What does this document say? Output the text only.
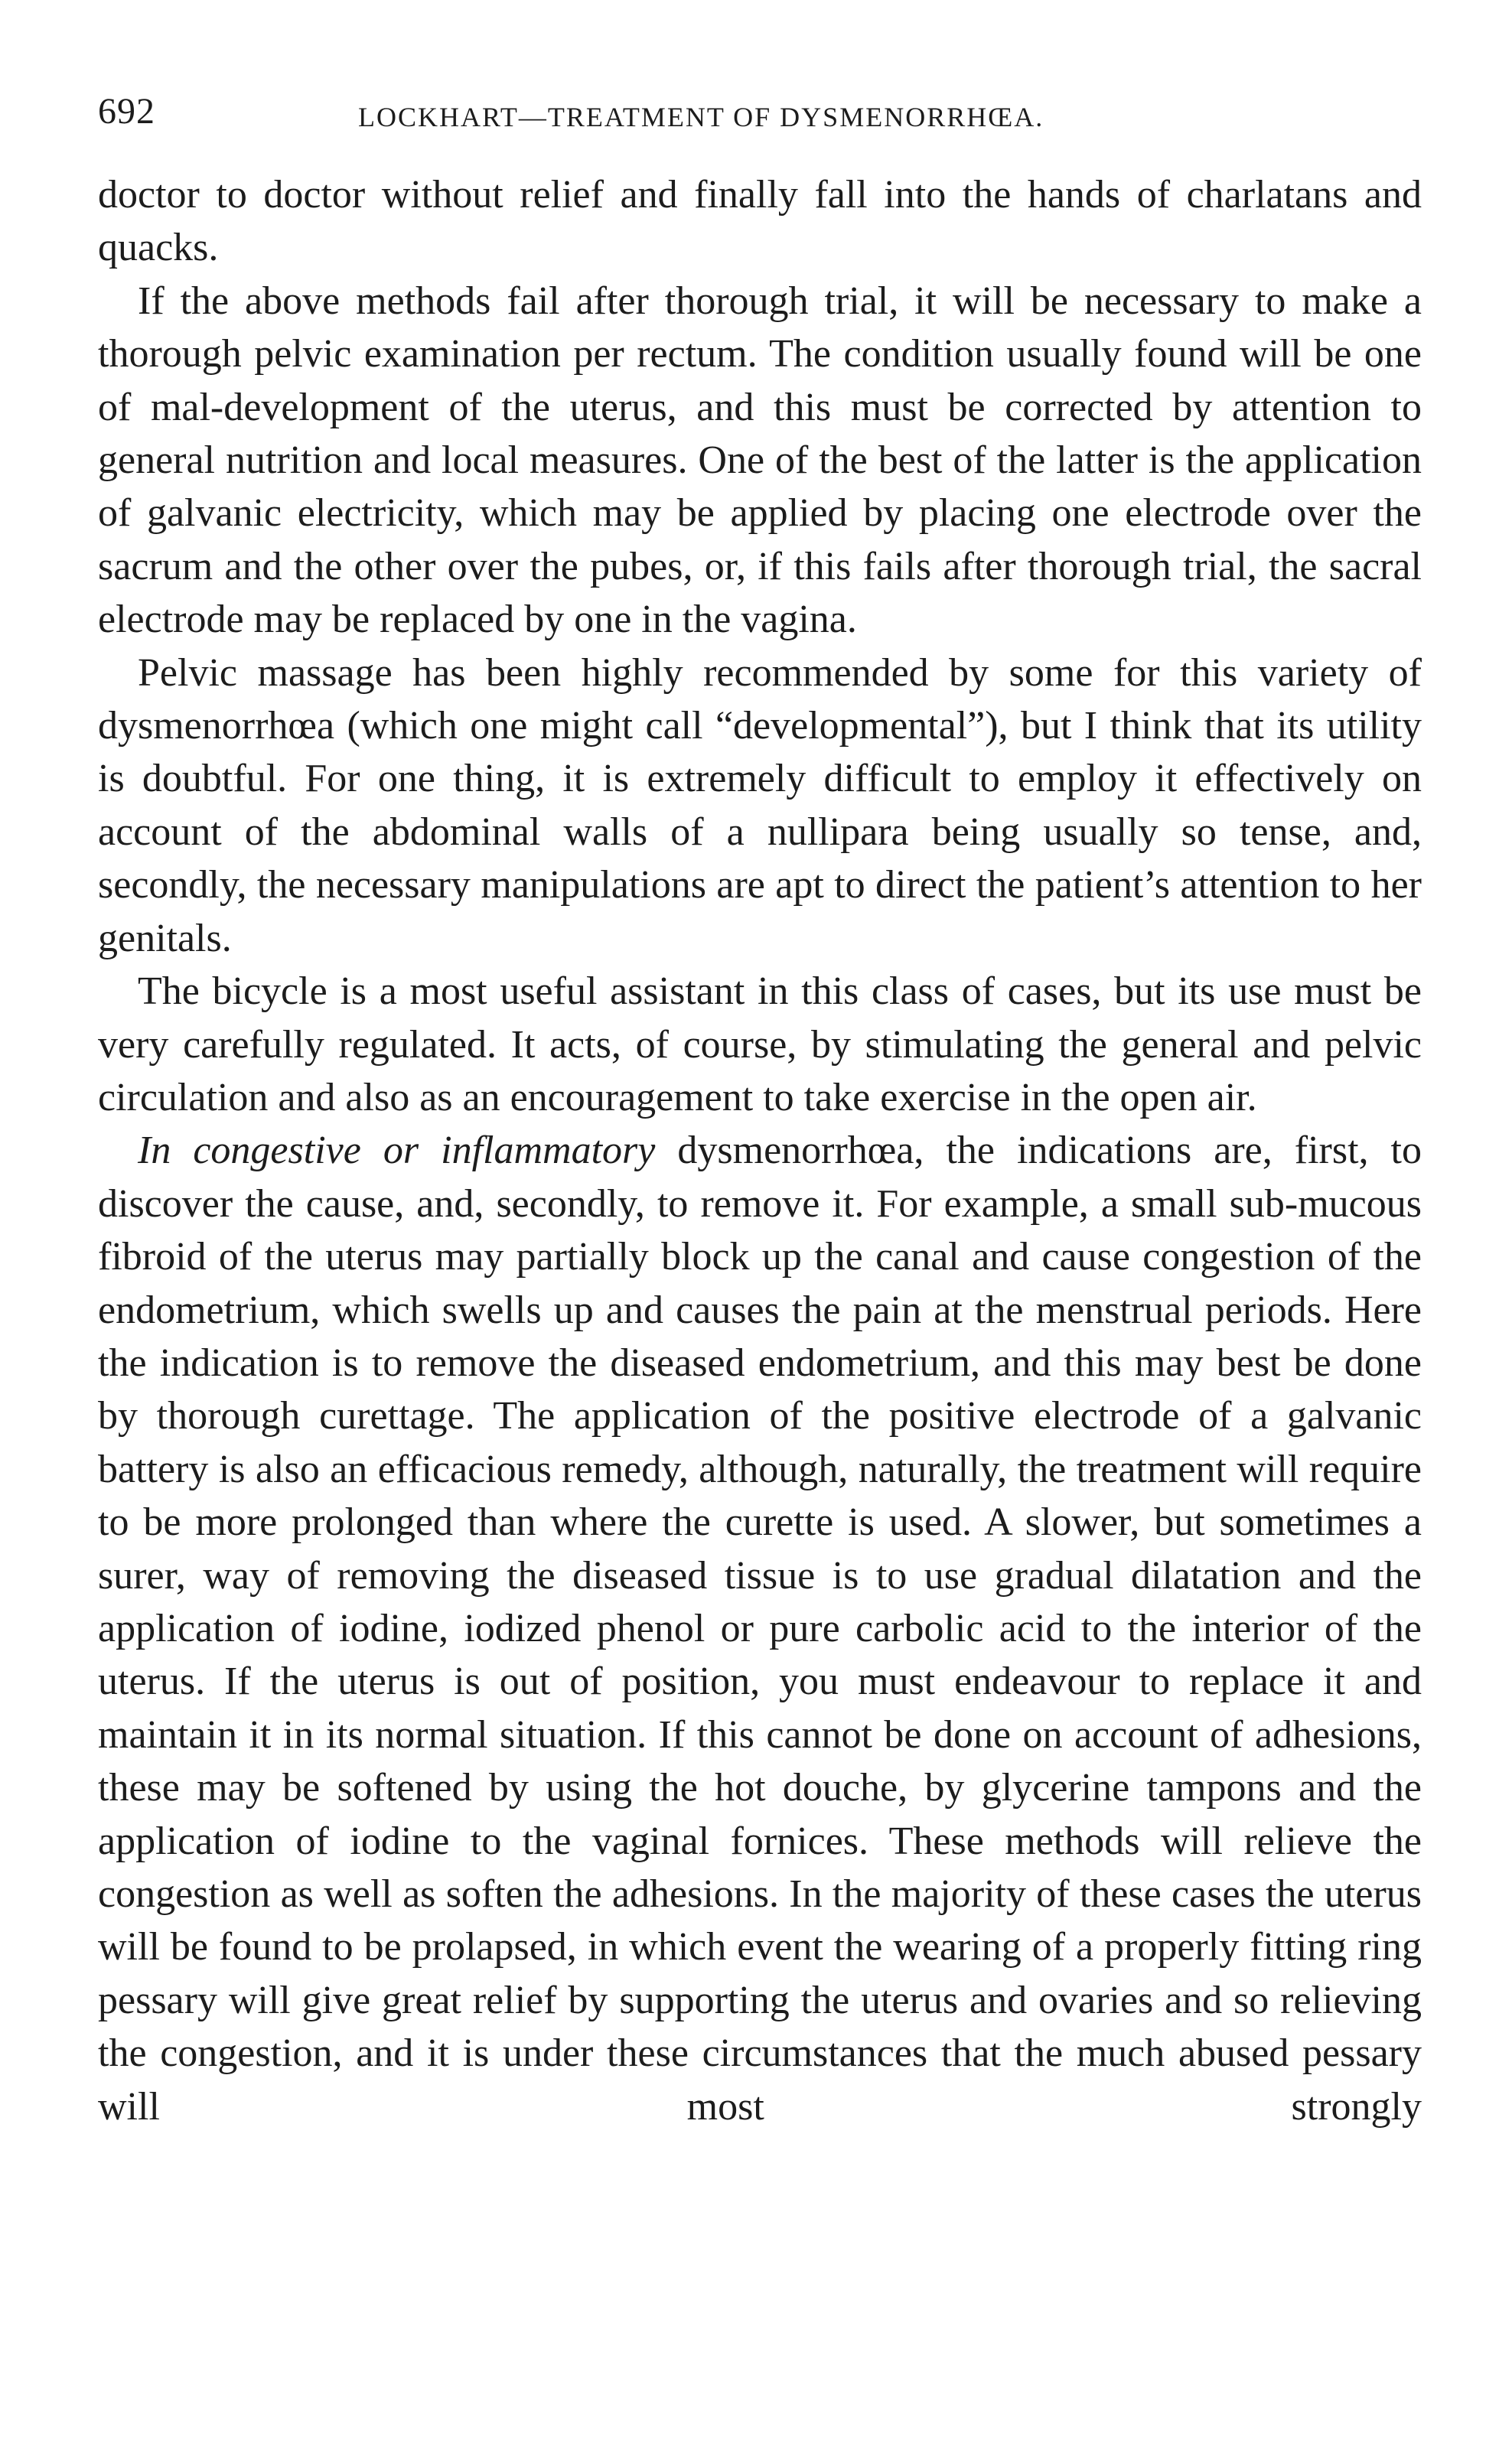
692	LOCKHART—TREATMENT OF DYSMENORRHŒA.

doctor to doctor without relief and finally fall into the hands of charlatans and quacks.

If the above methods fail after thorough trial, it will be necessary to make a thorough pelvic examination per rectum. The condition usually found will be one of mal-development of the uterus, and this must be corrected by attention to general nutrition and local measures. One of the best of the latter is the application of galvanic electricity, which may be applied by placing one electrode over the sacrum and the other over the pubes, or, if this fails after thorough trial, the sacral electrode may be replaced by one in the vagina.

Pelvic massage has been highly recommended by some for this variety of dysmenorrhœa (which one might call “developmental”), but I think that its utility is doubtful. For one thing, it is extremely difficult to employ it effectively on account of the abdominal walls of a nullipara being usually so tense, and, secondly, the necessary manipulations are apt to direct the patient’s attention to her genitals.

The bicycle is a most useful assistant in this class of cases, but its use must be very carefully regulated. It acts, of course, by stimulating the general and pelvic circulation and also as an encouragement to take exercise in the open air.

In congestive or inflammatory dysmenorrhœa, the indications are, first, to discover the cause, and, secondly, to remove it. For example, a small sub-mucous fibroid of the uterus may partially block up the canal and cause congestion of the endometrium, which swells up and causes the pain at the menstrual periods. Here the indication is to remove the diseased endometrium, and this may best be done by thorough curettage. The application of the positive electrode of a galvanic battery is also an efficacious remedy, although, naturally, the treatment will require to be more prolonged than where the curette is used. A slower, but sometimes a surer, way of removing the diseased tissue is to use gradual dilatation and the application of iodine, iodized phenol or pure carbolic acid to the interior of the uterus. If the uterus is out of position, you must endeavour to replace it and maintain it in its normal situation. If this cannot be done on account of adhesions, these may be softened by using the hot douche, by glycerine tampons and the application of iodine to the vaginal fornices. These methods will relieve the congestion as well as soften the adhesions. In the majority of these cases the uterus will be found to be prolapsed, in which event the wearing of a properly fitting ring pessary will give great relief by supporting the uterus and ovaries and so relieving the congestion, and it is under these circumstances that the much abused pessary will most strongly
